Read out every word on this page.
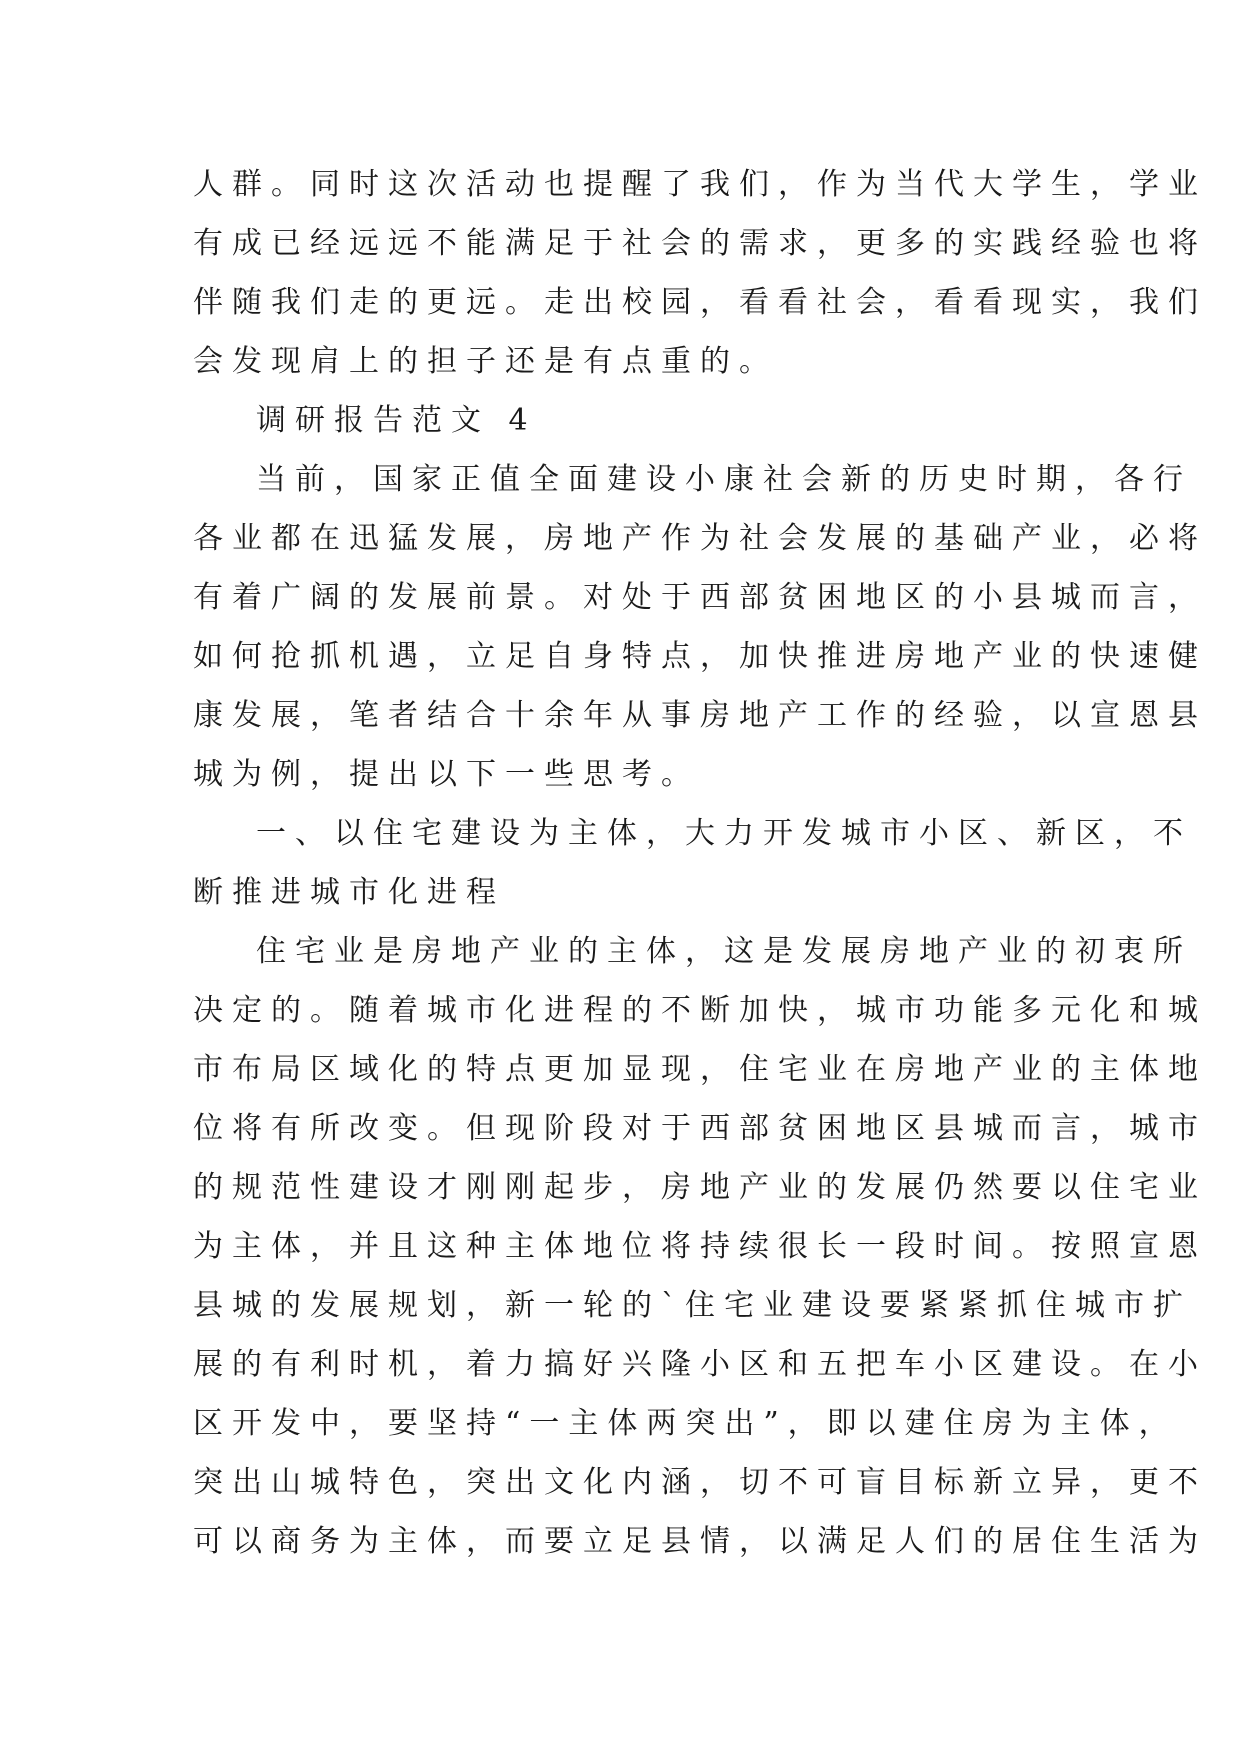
人群。同时这次活动也提醒了我们，作为当代大学生，学业
有成已经远远不能满足于社会的需求，更多的实践经验也将
伴随我们走的更远。走出校园，看看社会，看看现实，我们
会发现肩上的担子还是有点重的。
调研报告范文 4
当前，国家正值全面建设小康社会新的历史时期，各行
各业都在迅猛发展，房地产作为社会发展的基础产业，必将
有着广阔的发展前景。对处于西部贫困地区的小县城而言，
如何抢抓机遇，立足自身特点，加快推进房地产业的快速健
康发展，笔者结合十余年从事房地产工作的经验，以宣恩县
城为例，提出以下一些思考。
一、以住宅建设为主体，大力开发城市小区、新区，不
断推进城市化进程
住宅业是房地产业的主体，这是发展房地产业的初衷所
决定的。随着城市化进程的不断加快，城市功能多元化和城
市布局区域化的特点更加显现，住宅业在房地产业的主体地
位将有所改变。但现阶段对于西部贫困地区县城而言，城市
的规范性建设才刚刚起步，房地产业的发展仍然要以住宅业
为主体，并且这种主体地位将持续很长一段时间。按照宣恩
县城的发展规划，新一轮的`住宅业建设要紧紧抓住城市扩
展的有利时机，着力搞好兴隆小区和五把车小区建设。在小
区开发中，要坚持“一主体两突出”，即以建住房为主体，
突出山城特色，突出文化内涵，切不可盲目标新立异，更不
可以商务为主体，而要立足县情，以满足人们的居住生活为
